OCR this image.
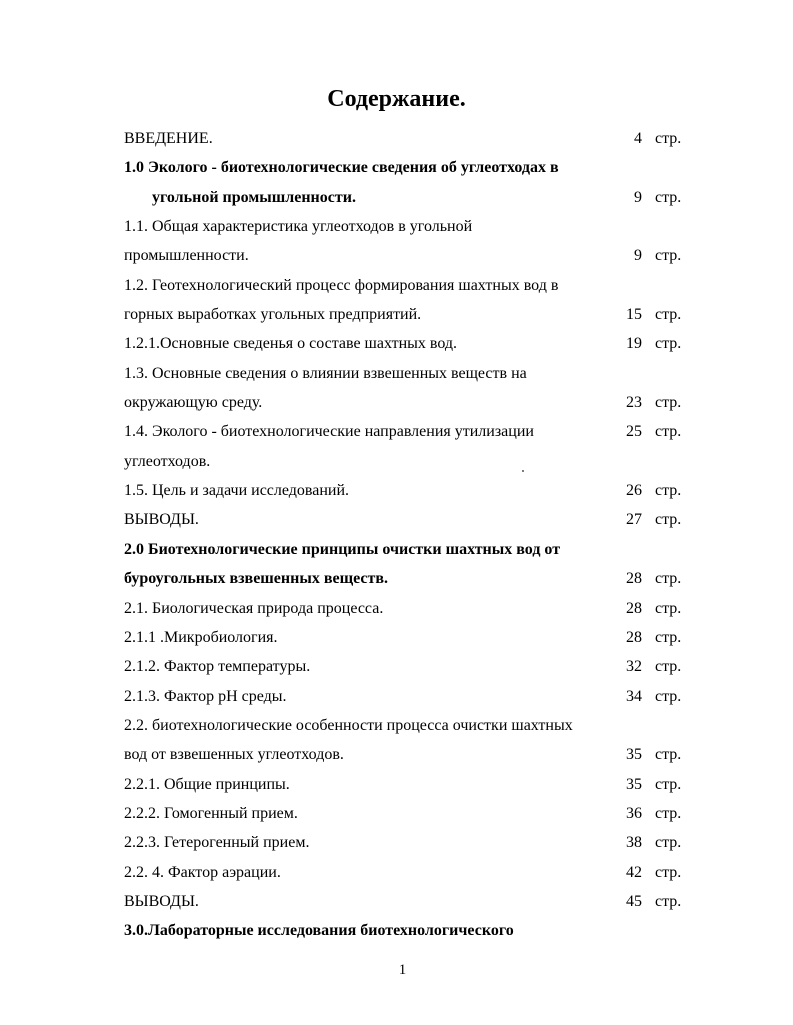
Содержание.
ВВЕДЕНИЕ.	4 стр.
1.0 Эколого - биотехнологические сведения об углеотходах в
угольной промышленности.	9 стр.
1.1. Общая характеристика углеотходов в угольной
промышленности.	9 стр.
1.2. Геотехнологический процесс формирования шахтных вод в
горных выработках угольных предприятий.	15 стр.
1.2.1.Основные сведенья о составе шахтных вод.	19 стр.
1.3. Основные сведения о влиянии взвешенных веществ на
окружающую среду.	23 стр.
1.4. Эколого - биотехнологические направления утилизации	25 стр.
углеотходов.
1.5. Цель и задачи исследований.	26 стр.
ВЫВОДЫ.	27 стр.
2.0 Биотехнологические принципы очистки шахтных вод от
буроугольных взвешенных веществ.	28 стр.
2.1. Биологическая природа процесса.	28 стр.
2.1.1 .Микробиология.	28 стр.
2.1.2. Фактор температуры.	32 стр.
2.1.3. Фактор pH среды.	34 стр.
2.2. биотехнологические особенности процесса очистки шахтных
вод от взвешенных углеотходов.	35 стр.
2.2.1. Общие принципы.	35 стр.
2.2.2. Гомогенный прием.	36 стр.
2.2.3. Гетерогенный прием.	38 стр.
2.2. 4. Фактор аэрации.	42 стр.
ВЫВОДЫ.	45 стр.
3.0.Лабораторные исследования биотехнологического
1
